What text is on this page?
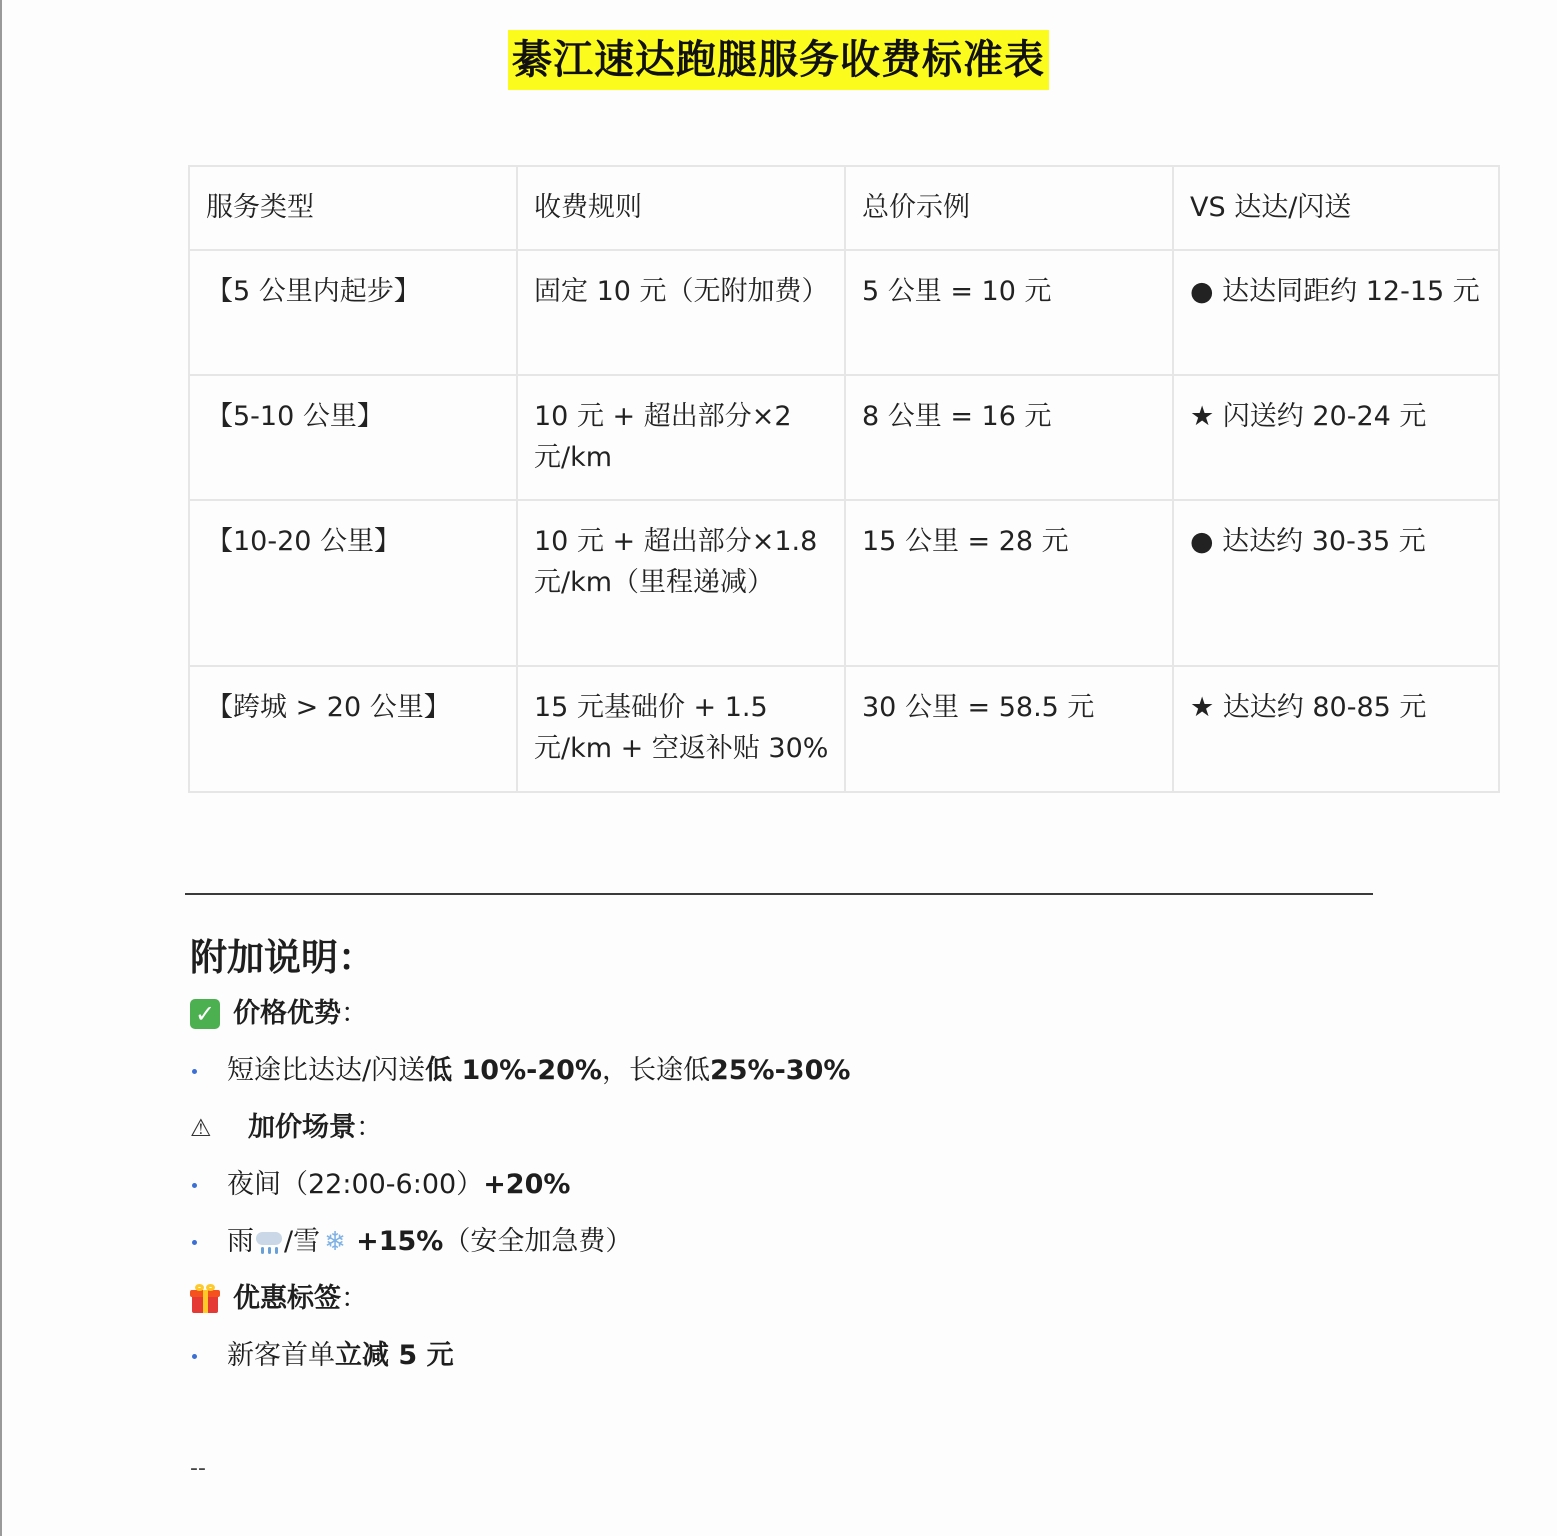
綦江速达跑腿服务收费标准表
服务类型	收费规则	总价示例	VS 达达/闪送
【5 公里内起步】	固定 10 元（无附加费）	5 公里 = 10 元	● 达达同距约 12-15 元
【5-10 公里】	10 元 + 超出部分×2 元/km	8 公里 = 16 元	★ 闪送约 20-24 元
【10-20 公里】	10 元 + 超出部分×1.8 元/km（里程递减）	15 公里 = 28 元	● 达达约 30-35 元
【跨城 > 20 公里】	15 元基础价 + 1.5 元/km + 空返补贴 30%	30 公里 = 58.5 元	★ 达达约 80-85 元
附加说明：
✓ 价格优势 ：
短途比达达/闪送 低 10%-20% ，长途低 25%-30%
⚠	加价场景 ：
夜间（22:00-6:00） +20%
雨 /雪 ❄ +15% （安全加急费）
优惠标签 ：
新客首单 立减 5 元
--
